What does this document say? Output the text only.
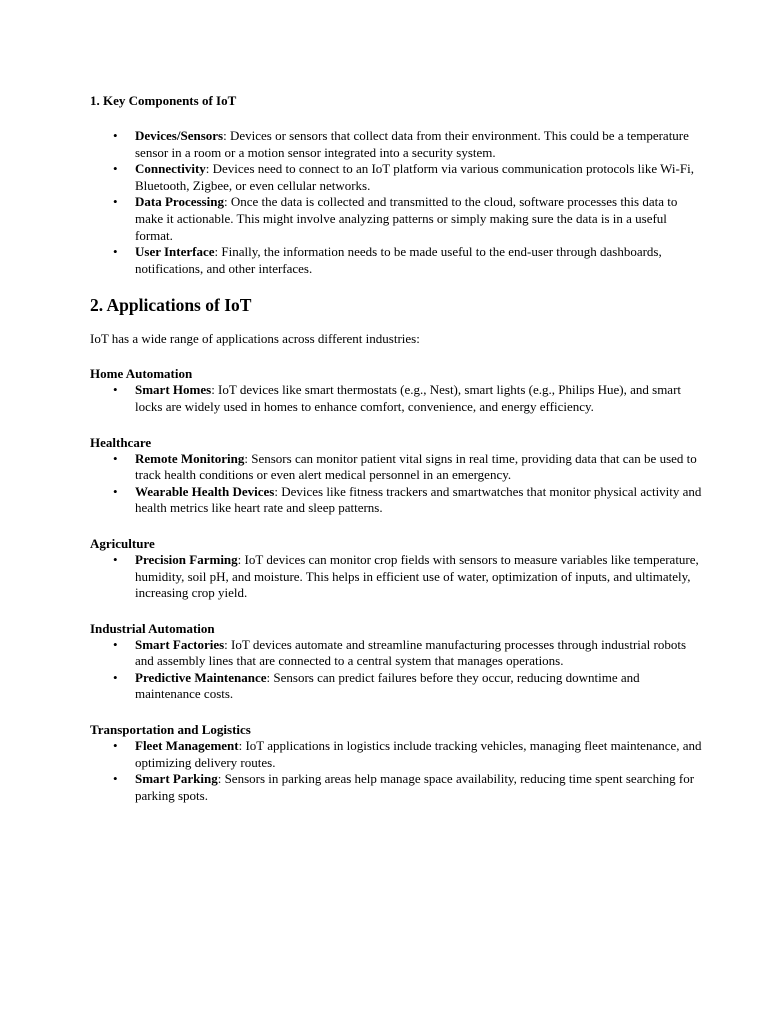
1. Key Components of IoT
• Devices/Sensors: Devices or sensors that collect data from their environment. This could be a temperature sensor in a room or a motion sensor integrated into a security system.
• Connectivity: Devices need to connect to an IoT platform via various communication protocols like Wi-Fi, Bluetooth, Zigbee, or even cellular networks.
• Data Processing: Once the data is collected and transmitted to the cloud, software processes this data to make it actionable. This might involve analyzing patterns or simply making sure the data is in a useful format.
• User Interface: Finally, the information needs to be made useful to the end-user through dashboards, notifications, and other interfaces.
2. Applications of IoT

IoT has a wide range of applications across different industries:

Home Automation
• Smart Homes: IoT devices like smart thermostats (e.g., Nest), smart lights (e.g., Philips Hue), and smart locks are widely used in homes to enhance comfort, convenience, and energy efficiency.
Healthcare
• Remote Monitoring: Sensors can monitor patient vital signs in real time, providing data that can be used to track health conditions or even alert medical personnel in an emergency.
• Wearable Health Devices: Devices like fitness trackers and smartwatches that monitor physical activity and health metrics like heart rate and sleep patterns.
Agriculture
• Precision Farming: IoT devices can monitor crop fields with sensors to measure variables like temperature, humidity, soil pH, and moisture. This helps in efficient use of water, optimization of inputs, and ultimately, increasing crop yield.
Industrial Automation
• Smart Factories: IoT devices automate and streamline manufacturing processes through industrial robots and assembly lines that are connected to a central system that manages operations.
• Predictive Maintenance: Sensors can predict failures before they occur, reducing downtime and maintenance costs.
Transportation and Logistics
• Fleet Management: IoT applications in logistics include tracking vehicles, managing fleet maintenance, and optimizing delivery routes.
• Smart Parking: Sensors in parking areas help manage space availability, reducing time spent searching for parking spots.
